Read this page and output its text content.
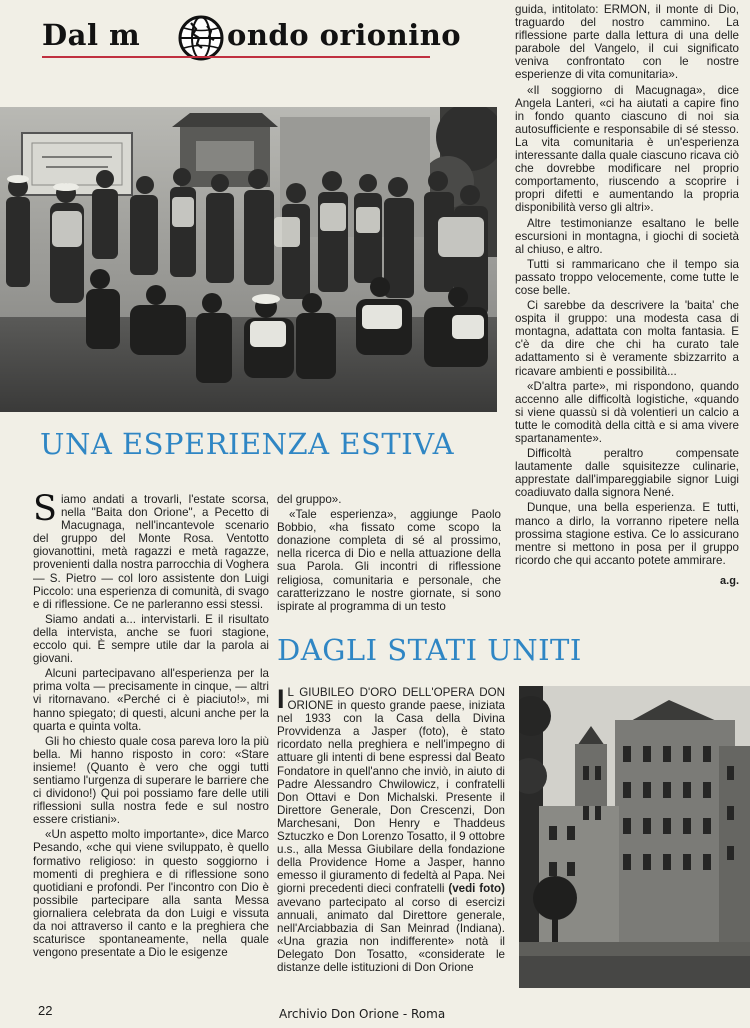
Dal m	ondo orionino
UNA ESPERIENZA ESTIVA

Siamo andati a trovarli, l'estate scorsa, nella "Baita don Orione", a Pecetto di Macugnaga, nell'incantevole scenario del gruppo del Monte Rosa. Ventotto giovanottini, metà ragazzi e metà ragazze, provenienti dalla nostra parrocchia di Voghera — S. Pietro — col loro assistente don Luigi Piccolo: una esperienza di comunità, di svago e di riflessione. Ce ne parleranno essi stessi.

Siamo andati a... intervistarli. E il risultato della intervista, anche se fuori stagione, eccolo qui. È sempre utile dar la parola ai giovani.

Alcuni partecipavano all'esperienza per la prima volta — precisamente in cinque, — altri vi ritornavano. «Perché ci è piaciuto!», mi hanno spiegato; di questi, alcuni anche per la quarta e quinta volta.

Gli ho chiesto quale cosa pareva loro la più bella. Mi hanno risposto in coro: «Stare insieme! (Quanto è vero che oggi tutti sentiamo l'urgenza di superare le barriere che ci dividono!) Qui poi possiamo fare delle utili riflessioni sulla nostra fede e sul nostro essere cristiani».

«Un aspetto molto importante», dice Marco Pesando, «che qui viene sviluppato, è quello formativo religioso: in questo soggiorno i momenti di preghiera e di riflessione sono quotidiani e profondi. Per l'incontro con Dio è possibile partecipare alla santa Messa giornaliera celebrata da don Luigi e vissuta da noi attraverso il canto e la preghiera che scaturisce spontaneamente, nella quale vengono presentate a Dio le esigenze

del gruppo».

«Tale esperienza», aggiunge Paolo Bobbio, «ha fissato come scopo la donazione completa di sé al prossimo, nella ricerca di Dio e nella attuazione della sua Parola. Gli incontri di riflessione religiosa, comunitaria e personale, che caratterizzano le nostre giornate, si sono ispirate al programma di un testo

guida, intitolato: ERMON, il monte di Dio, traguardo del nostro cammino. La riflessione parte dalla lettura di una delle parabole del Vangelo, il cui significato veniva confrontato con le nostre esperienze di vita comunitaria».

«Il soggiorno di Macugnaga», dice Angela Lanteri, «ci ha aiutati a capire fino in fondo quanto ciascuno di noi sia autosufficiente e responsabile di sé stesso. La vita comunitaria è un'esperienza interessante dalla quale ciascuno ricava ciò che dovrebbe modificare nel proprio comportamento, riuscendo a scoprire i propri difetti e aumentando la propria disponibilità verso gli altri».

Altre testimonianze esaltano le belle escursioni in montagna, i giochi di società al chiuso, e altro.

Tutti si rammaricano che il tempo sia passato troppo velocemente, come tutte le cose belle.

Ci sarebbe da descrivere la 'baita' che ospita il gruppo: una modesta casa di montagna, adattata con molta fantasia. E c'è da dire che chi ha curato tale adattamento si è veramente sbizzarrito a ricavare ambienti e possibilità...

«D'altra parte», mi rispondono, quando accenno alle difficoltà logistiche, «quando si viene quassù si dà volentieri un calcio a tutte le comodità della città e si ama vivere spartanamente».

Difficoltà peraltro compensate lautamente dalle squisitezze culinarie, apprestate dall'impareggiabile signor Luigi coadiuvato dalla signora Nené.

Dunque, una bella esperienza. E tutti, manco a dirlo, la vorranno ripetere nella prossima stagione estiva. Ce lo assicurano mentre si mettono in posa per il gruppo ricordo che qui accanto potete ammirare.

a.g.

DAGLI STATI UNITI

I L GIUBILEO D'ORO DELL'OPERA DON ORIONE in questo grande paese, iniziata nel 1933 con la Casa della Divina Provvidenza a Jasper (foto), è stato ricordato nella preghiera e nell'impegno di attuare gli intenti di bene espressi dal Beato Fondatore in quell'anno che inviò, in aiuto di Padre Alessandro Chwilowicz, i confratelli Don Ottavi e Don Michalski. Presente il Direttore Generale, Don Crescenzi, Don Marchesani, Don Henry e Thaddeus Sztuczko e Don Lorenzo Tosatto, il 9 ottobre u.s., alla Messa Giubilare della fondazione della Providence Home a Jasper, hanno emesso il giuramento di fedeltà al Papa. Nei giorni precedenti dieci confratelli (vedi foto) avevano partecipato al corso di esercizi annuali, animato dal Direttore generale, nell'Arciabbazia di San Meinrad (Indiana). «Una grazia non indifferente» notà il Delegato Don Tosatto, «considerate le distanze delle istituzioni di Don Orione

22	Archivio Don Orione - Roma
